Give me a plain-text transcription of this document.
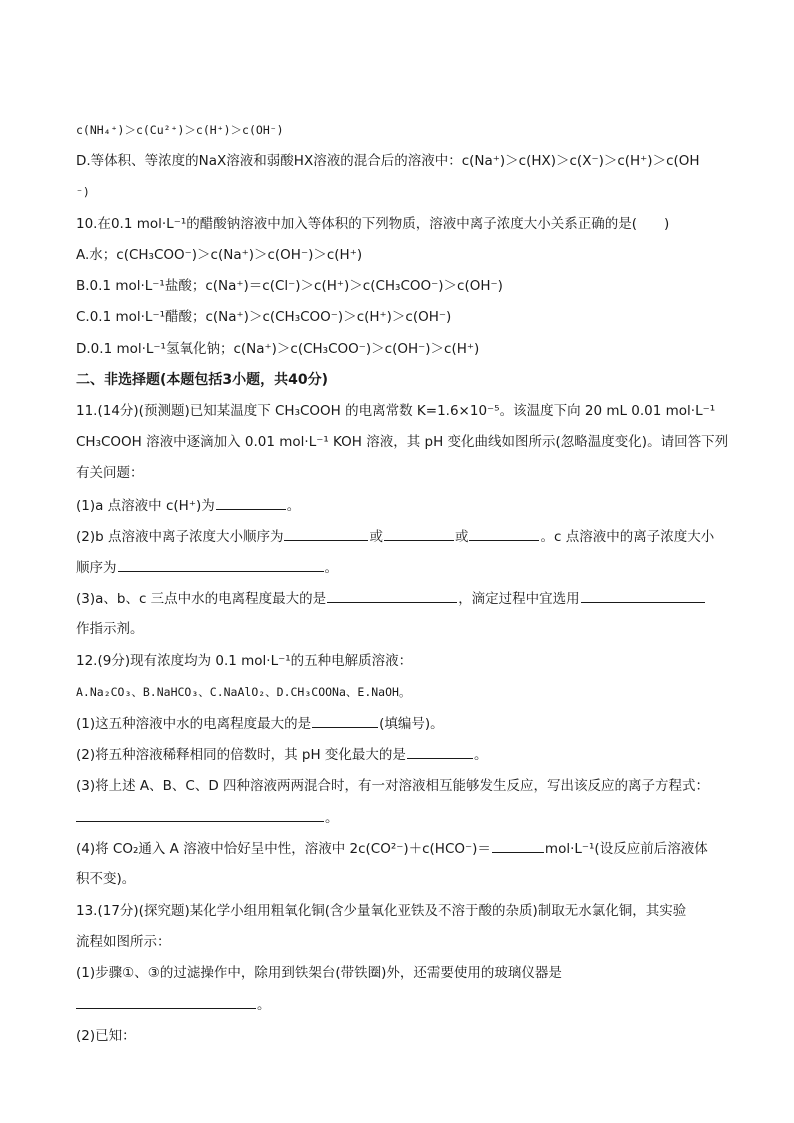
c(NH₄⁺)＞c(Cu²⁺)＞c(H⁺)＞c(OH⁻)
D.等体积、等浓度的NaX溶液和弱酸HX溶液的混合后的溶液中：c(Na⁺)＞c(HX)＞c(X⁻)＞c(H⁺)＞c(OH
⁻)
10.在0.1 mol·L⁻¹的醋酸钠溶液中加入等体积的下列物质，溶液中离子浓度大小关系正确的是(　　)
A.水；c(CH₃COO⁻)＞c(Na⁺)＞c(OH⁻)＞c(H⁺)
B.0.1 mol·L⁻¹盐酸；c(Na⁺)＝c(Cl⁻)＞c(H⁺)＞c(CH₃COO⁻)＞c(OH⁻)
C.0.1 mol·L⁻¹醋酸；c(Na⁺)＞c(CH₃COO⁻)＞c(H⁺)＞c(OH⁻)
D.0.1 mol·L⁻¹氢氧化钠；c(Na⁺)＞c(CH₃COO⁻)＞c(OH⁻)＞c(H⁺)
二、非选择题(本题包括3小题，共40分)
11.(14分)(预测题)已知某温度下 CH₃COOH 的电离常数 K=1.6×10⁻⁵。该温度下向 20 mL 0.01 mol·L⁻¹
CH₃COOH 溶液中逐滴加入 0.01 mol·L⁻¹ KOH 溶液，其 pH 变化曲线如图所示(忽略温度变化)。请回答下列
有关问题：
(1)a 点溶液中 c(H⁺)为	。
(2)b 点溶液中离子浓度大小顺序为	或	或	。c 点溶液中的离子浓度大小
顺序为	。
(3)a、b、c 三点中水的电离程度最大的是	，滴定过程中宜选用
作指示剂。
12.(9分)现有浓度均为 0.1 mol·L⁻¹的五种电解质溶液：
A.Na₂CO₃、B.NaHCO₃、C.NaAlO₂、D.CH₃COONa、E.NaOH。
(1)这五种溶液中水的电离程度最大的是	(填编号)。
(2)将五种溶液稀释相同的倍数时，其 pH 变化最大的是	。
(3)将上述 A、B、C、D 四种溶液两两混合时，有一对溶液相互能够发生反应，写出该反应的离子方程式：
。
(4)将 CO₂通入 A 溶液中恰好呈中性，溶液中 2c(CO²⁻)＋c(HCO⁻)＝	mol·L⁻¹(设反应前后溶液体
积不变)。
13.(17分)(探究题)某化学小组用粗氧化铜(含少量氧化亚铁及不溶于酸的杂质)制取无水氯化铜，其实验
流程如图所示：
(1)步骤①、③的过滤操作中，除用到铁架台(带铁圈)外，还需要使用的玻璃仪器是
。
(2)已知：
